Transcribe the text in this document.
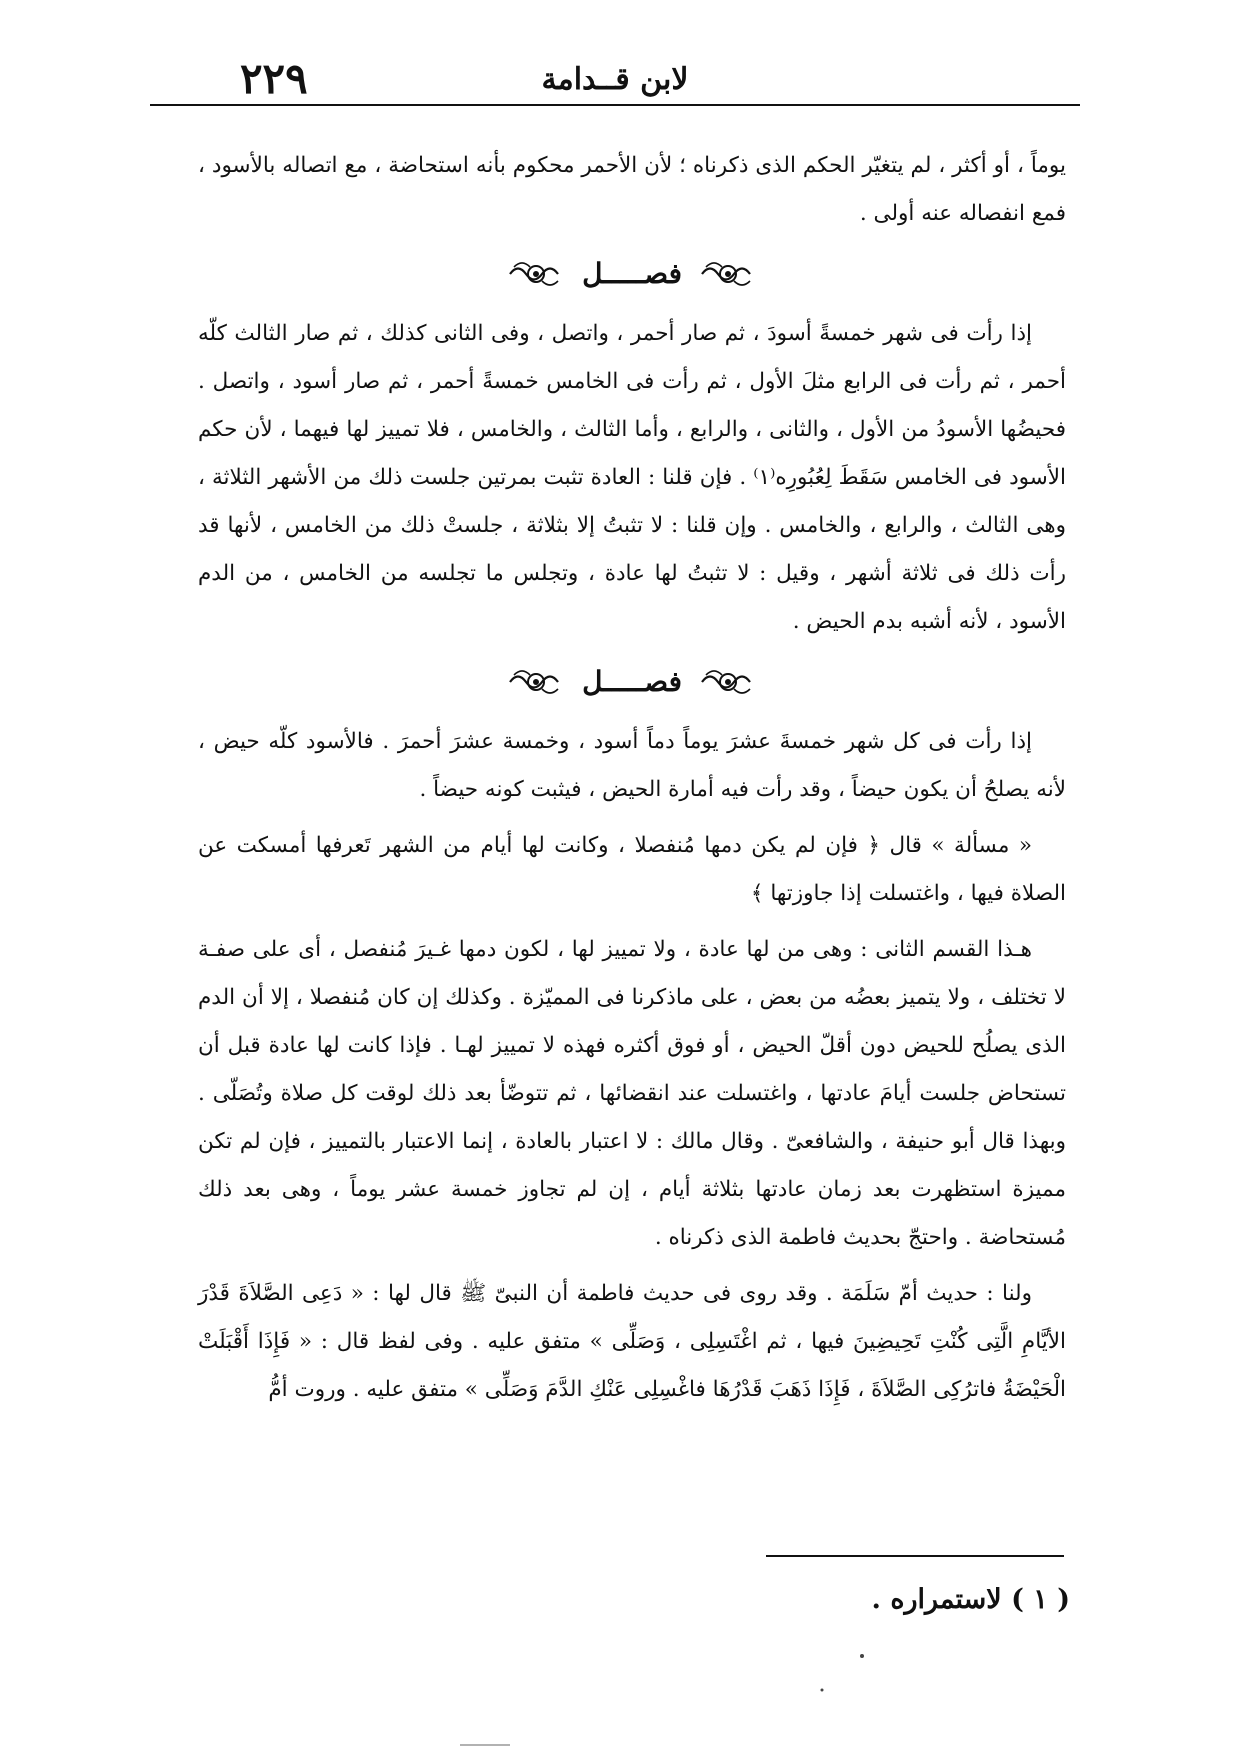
لابن قــدامة
٢٢٩

يوماً ، أو أكثر ، لم يتغيّر الحكم الذى ذكرناه ؛ لأن الأحمر محكوم بأنه استحاضة ، مع اتصاله بالأسود ، فمع انفصاله عنه أولى .

فصـــــل

إذا رأت فى شهر خمسةً أسودَ ، ثم صار أحمر ، واتصل ، وفى الثانى كذلك ، ثم صار الثالث كلّه أحمر ، ثم رأت فى الرابع مثلَ الأول ، ثم رأت فى الخامس خمسةً أحمر ، ثم صار أسود ، واتصل . فحيضُها الأسودُ من الأول ، والثانى ، والرابع ، وأما الثالث ، والخامس ، فلا تمييز لها فيهما ، لأن حكم الأسود فى الخامس سَقَطَ لِعُبُورِه⁽١⁾ . فإن قلنا : العادة تثبت بمرتين جلست ذلك من الأشهر الثلاثة ، وهى الثالث ، والرابع ، والخامس . وإن قلنا : لا تثبتُ إلا بثلاثة ، جلستْ ذلك من الخامس ، لأنها قد رأت ذلك فى ثلاثة أشهر ، وقيل : لا تثبتُ لها عادة ، وتجلس ما تجلسه من الخامس ، من الدم الأسود ، لأنه أشبه بدم الحيض .

فصـــــل

إذا رأت فى كل شهر خمسةَ عشرَ يوماً دماً أسود ، وخمسة عشرَ أحمرَ . فالأسود كلّه حيض ، لأنه يصلحُ أن يكون حيضاً ، وقد رأت فيه أمارة الحيض ، فيثبت كونه حيضاً .

« مسألة » قال ﴿ فإن لم يكن دمها مُنفصلا ، وكانت لها أيام من الشهر تَعرفها أمسكت عن الصلاة فيها ، واغتسلت إذا جاوزتها ﴾

هـذا القسم الثانى : وهى من لها عادة ، ولا تمييز لها ، لكون دمها غـيرَ مُنفصل ، أى على صفـة لا تختلف ، ولا يتميز بعضُه من بعض ، على ماذكرنا فى المميّزة . وكذلك إن كان مُنفصلا ، إلا أن الدم الذى يصلُح للحيض دون أقلّ الحيض ، أو فوق أكثره فهذه لا تمييز لهـا . فإذا كانت لها عادة قبل أن تستحاض جلست أيامَ عادتها ، واغتسلت عند انقضائها ، ثم تتوضّأ بعد ذلك لوقت كل صلاة وتُصَلّى . وبهذا قال أبو حنيفة ، والشافعىّ . وقال مالك : لا اعتبار بالعادة ، إنما الاعتبار بالتمييز ، فإن لم تكن مميزة استظهرت بعد زمان عادتها بثلاثة أيام ، إن لم تجاوز خمسة عشر يوماً ، وهى بعد ذلك مُستحاضة . واحتجّ بحديث فاطمة الذى ذكرناه .

ولنا : حديث أمّ سَلَمَة . وقد روى فى حديث فاطمة أن النبىّ ﷺ قال لها : « دَعِى الصَّلاَةَ قَدْرَ الأيَّامِ الَّتِى كُنْتِ تَحِيضِينَ فيها ، ثم اغْتَسِلِى ، وَصَلِّى » متفق عليه . وفى لفظ قال : « فَإِذَا أَقْبَلَتْ الْحَيْضَةُ فاترُكِى الصَّلاَةَ ، فَإِذَا ذَهَبَ قَدْرُهَا فاغْسِلِى عَنْكِ الدَّمَ وَصَلِّى » متفق عليه . وروت أمُّ

( ١ ) لاستمراره .
